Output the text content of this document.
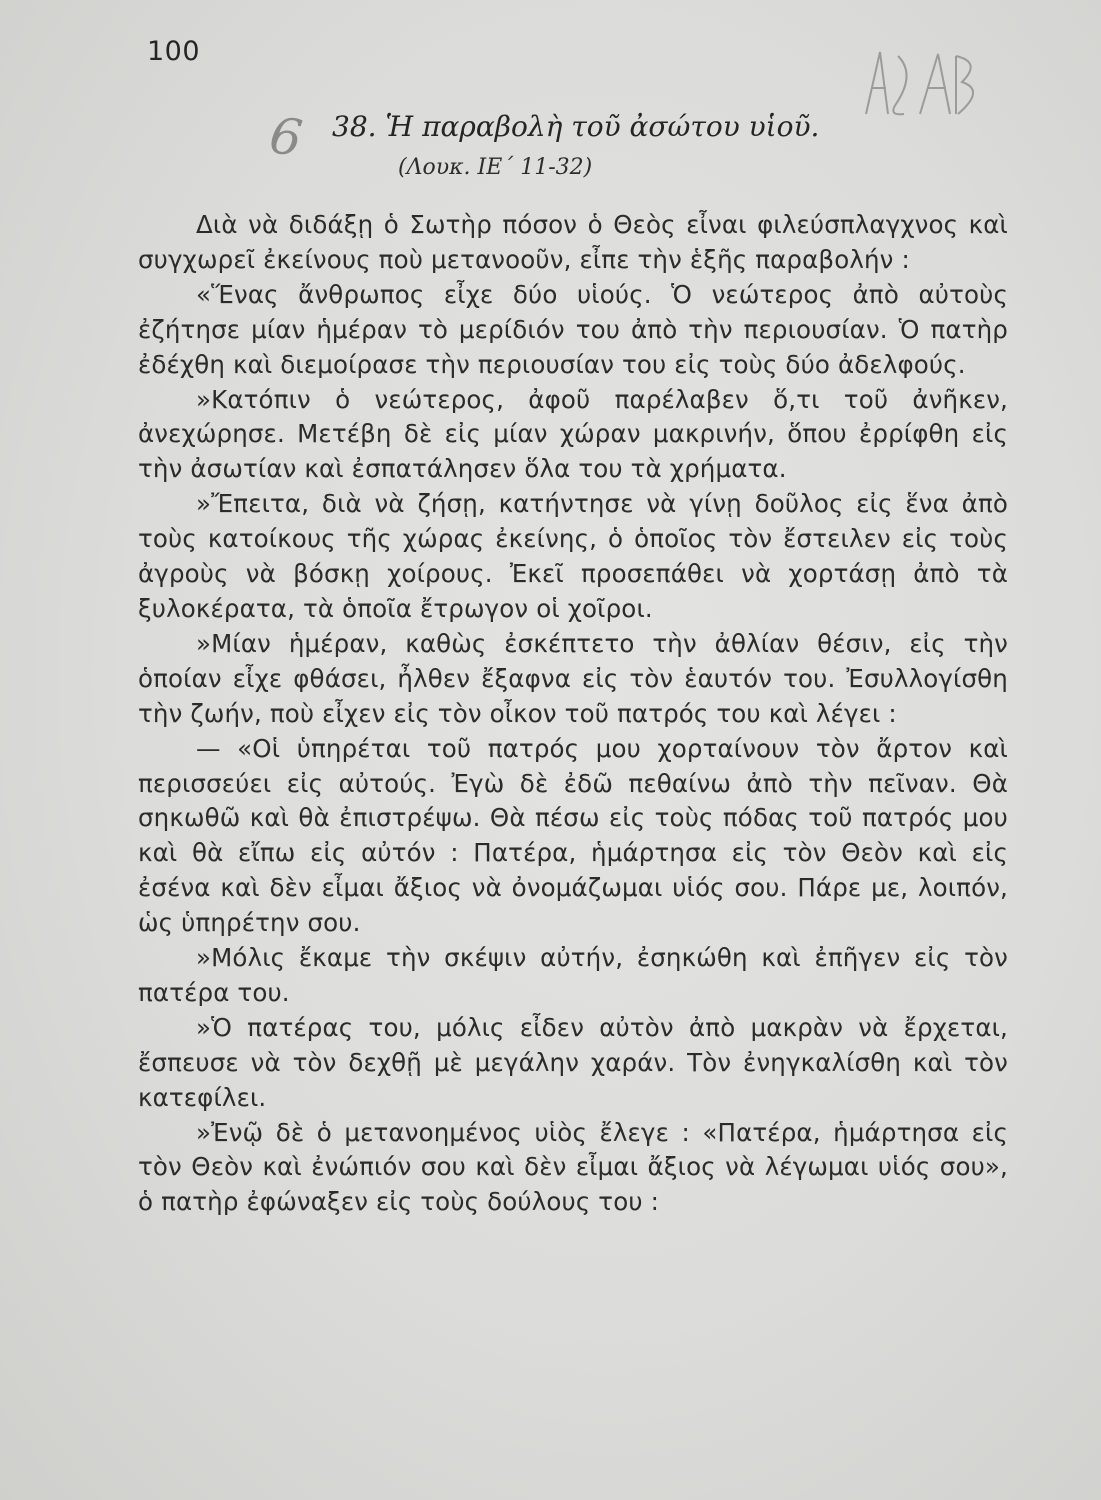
100
6 38. Ἡ παραβολὴ τοῦ ἀσώτου υἱοῦ.
(Λουκ. ΙΕ΄ 11-32)

Διὰ νὰ διδάξῃ ὁ Σωτὴρ πόσον ὁ Θεὸς εἶναι φιλεύσπλαγχνος καὶ συγχωρεῖ ἐκείνους ποὺ μετανοοῦν, εἶπε τὴν ἑξῆς παραβολήν :

«Ἕνας ἄνθρωπος εἶχε δύο υἱούς. Ὁ νεώτερος ἀπὸ αὐτοὺς ἐζήτησε μίαν ἡμέραν τὸ μερίδιόν του ἀπὸ τὴν περιουσίαν. Ὁ πατὴρ ἐδέχθη καὶ διεμοίρασε τὴν περιουσίαν του εἰς τοὺς δύο ἀδελφούς.

»Κατόπιν ὁ νεώτερος, ἀφοῦ παρέλαβεν ὅ,τι τοῦ ἀνῆκεν, ἀνεχώρησε. Μετέβη δὲ εἰς μίαν χώραν μακρινήν, ὅπου ἐρρίφθη εἰς τὴν ἀσωτίαν καὶ ἐσπατάλησεν ὅλα του τὰ χρήματα.

»Ἔπειτα, διὰ νὰ ζήσῃ, κατήντησε νὰ γίνῃ δοῦλος εἰς ἕνα ἀπὸ τοὺς κατοίκους τῆς χώρας ἐκείνης, ὁ ὁποῖος τὸν ἔστειλεν εἰς τοὺς ἀγροὺς νὰ βόσκῃ χοίρους. Ἐκεῖ προσεπάθει νὰ χορτάσῃ ἀπὸ τὰ ξυλοκέρατα, τὰ ὁποῖα ἔτρωγον οἱ χοῖροι.

»Μίαν ἡμέραν, καθὼς ἐσκέπτετο τὴν ἀθλίαν θέσιν, εἰς τὴν ὁποίαν εἶχε φθάσει, ἦλθεν ἔξαφνα εἰς τὸν ἑαυτόν του. Ἐσυλλογίσθη τὴν ζωήν, ποὺ εἶχεν εἰς τὸν οἶκον τοῦ πατρός του καὶ λέγει :

— «Οἱ ὑπηρέται τοῦ πατρός μου χορταίνουν τὸν ἄρτον καὶ περισσεύει εἰς αὐτούς. Ἐγὼ δὲ ἐδῶ πεθαίνω ἀπὸ τὴν πεῖναν. Θὰ σηκωθῶ καὶ θὰ ἐπιστρέψω. Θὰ πέσω εἰς τοὺς πόδας τοῦ πατρός μου καὶ θὰ εἴπω εἰς αὐτόν : Πατέρα, ἡμάρτησα εἰς τὸν Θεὸν καὶ εἰς ἐσένα καὶ δὲν εἶμαι ἄξιος νὰ ὀνομάζωμαι υἱός σου. Πάρε με, λοιπόν, ὡς ὑπηρέτην σου.

»Μόλις ἔκαμε τὴν σκέψιν αὐτήν, ἐσηκώθη καὶ ἐπῆγεν εἰς τὸν πατέρα του.

»Ὁ πατέρας του, μόλις εἶδεν αὐτὸν ἀπὸ μακρὰν νὰ ἔρχεται, ἔσπευσε νὰ τὸν δεχθῇ μὲ μεγάλην χαράν. Τὸν ἐνηγκαλίσθη καὶ τὸν κατεφίλει.

»Ἐνῷ δὲ ὁ μετανοημένος υἱὸς ἔλεγε : «Πατέρα, ἡμάρτησα εἰς τὸν Θεὸν καὶ ἐνώπιόν σου καὶ δὲν εἶμαι ἄξιος νὰ λέγωμαι υἱός σου», ὁ πατὴρ ἐφώναξεν εἰς τοὺς δούλους του :
